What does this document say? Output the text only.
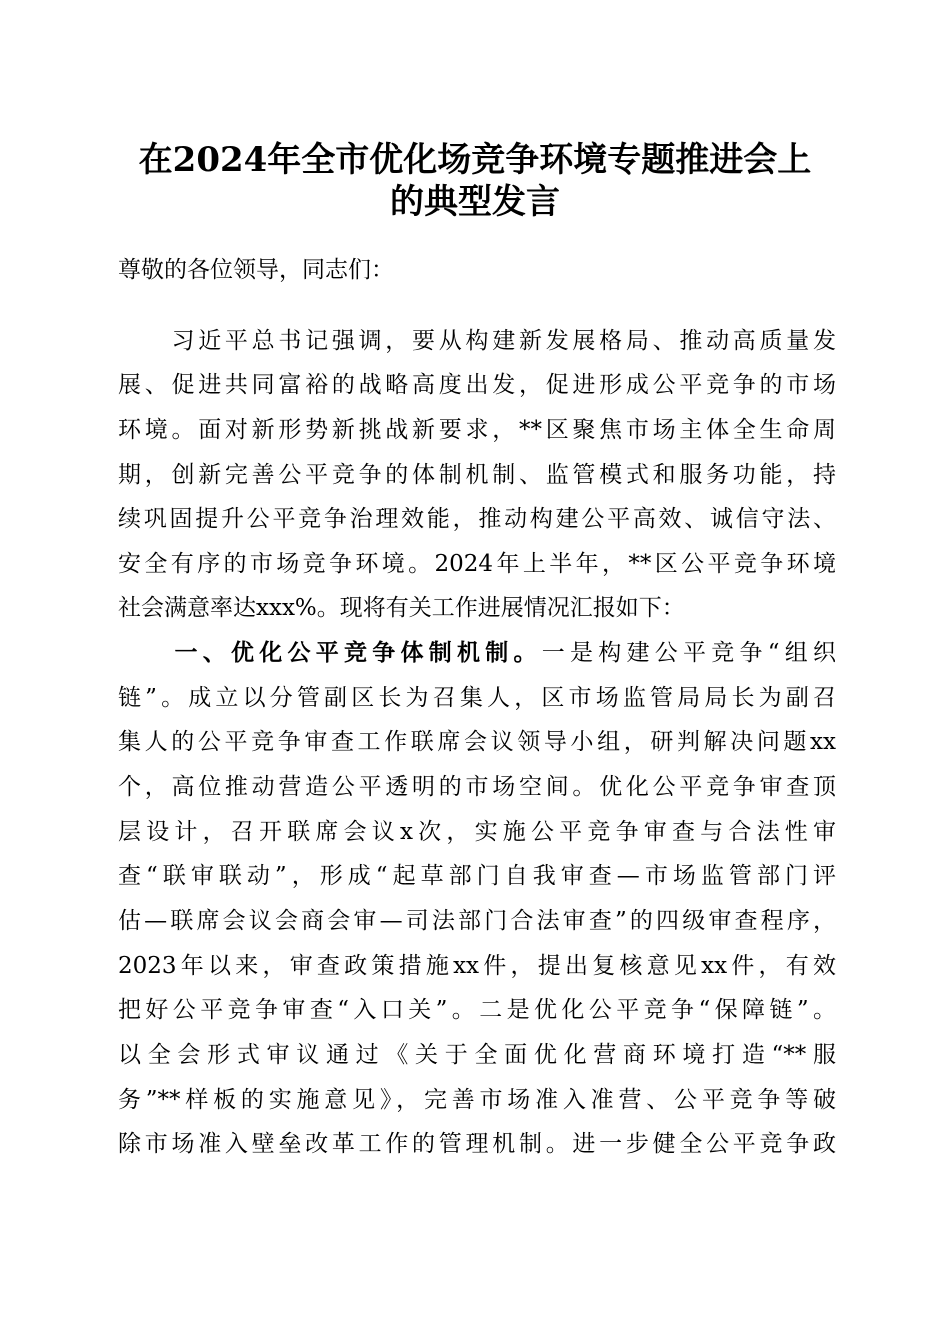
在2024年全市优化场竞争环境专题推进会上
的典型发言
尊敬的各位领导，同志们：
　　习近平总书记强调，要从构建新发展格局、推动高质量发
展、促进共同富裕的战略高度出发，促进形成公平竞争的市场
环境。面对新形势新挑战新要求，**区聚焦市场主体全生命周
期，创新完善公平竞争的体制机制、监管模式和服务功能，持
续巩固提升公平竞争治理效能，推动构建公平高效、诚信守法、
安全有序的市场竞争环境。2024年上半年，**区公平竞争环境
社会满意率达xxx%。现将有关工作进展情况汇报如下：
　　一、优化公平竞争体制机制。一是构建公平竞争“组织
链”。成立以分管副区长为召集人，区市场监管局局长为副召
集人的公平竞争审查工作联席会议领导小组，研判解决问题xx
个，高位推动营造公平透明的市场空间。优化公平竞争审查顶
层设计，召开联席会议x次，实施公平竞争审查与合法性审
查“联审联动”，形成“起草部门自我审查—市场监管部门评
估—联席会议会商会审—司法部门合法审查”的四级审查程序，
2023年以来，审查政策措施xx件，提出复核意见xx件，有效
把好公平竞争审查“入口关”。二是优化公平竞争“保障链”。
以全会形式审议通过《关于全面优化营商环境打造“**服
务”**样板的实施意见》，完善市场准入准营、公平竞争等破
除市场准入壁垒改革工作的管理机制。进一步健全公平竞争政
